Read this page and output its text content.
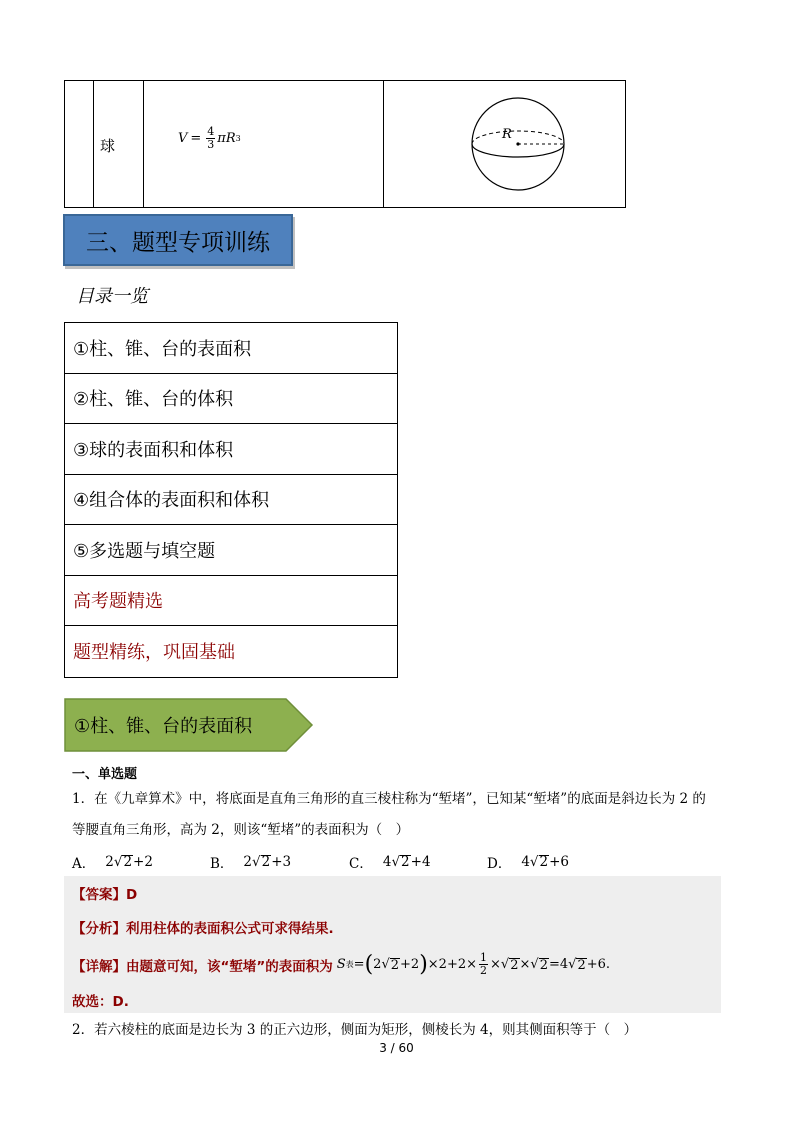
球	$V = \frac{4}{3}$ π R 3	R
三、题型专项训练
目录一览
①柱、锥、台的表面积
②柱、锥、台的体积
③球的表面积和体积
④组合体的表面积和体积
⑤多选题与填空题
高考题精选
题型精练，巩固基础
①柱、锥、台的表面积
一、单选题
1．在《九章算术》中，将底面是直角三角形的直三棱柱称为“堑堵”，已知某“堑堵”的底面是斜边长为 2 的
等腰直角三角形，高为 2，则该“堑堵”的表面积为（　）
A． 2√2+2	B． 2√2+3	C． 4√2+4	D． 4√2+6
【答案】D
【分析】利用柱体的表面积公式可求得结果.
【详解】由题意可知，该“堑堵”的表面积为 S 表 = ( 2 √ 2 +2 ) $\times 2+2\times \frac{1}{2}$ × √ 2 × √ 2 =4 √ 2 +6 .
故选：D.
2．若六棱柱的底面是边长为 3 的正六边形，侧面为矩形，侧棱长为 4，则其侧面积等于（　）
3 / 60
